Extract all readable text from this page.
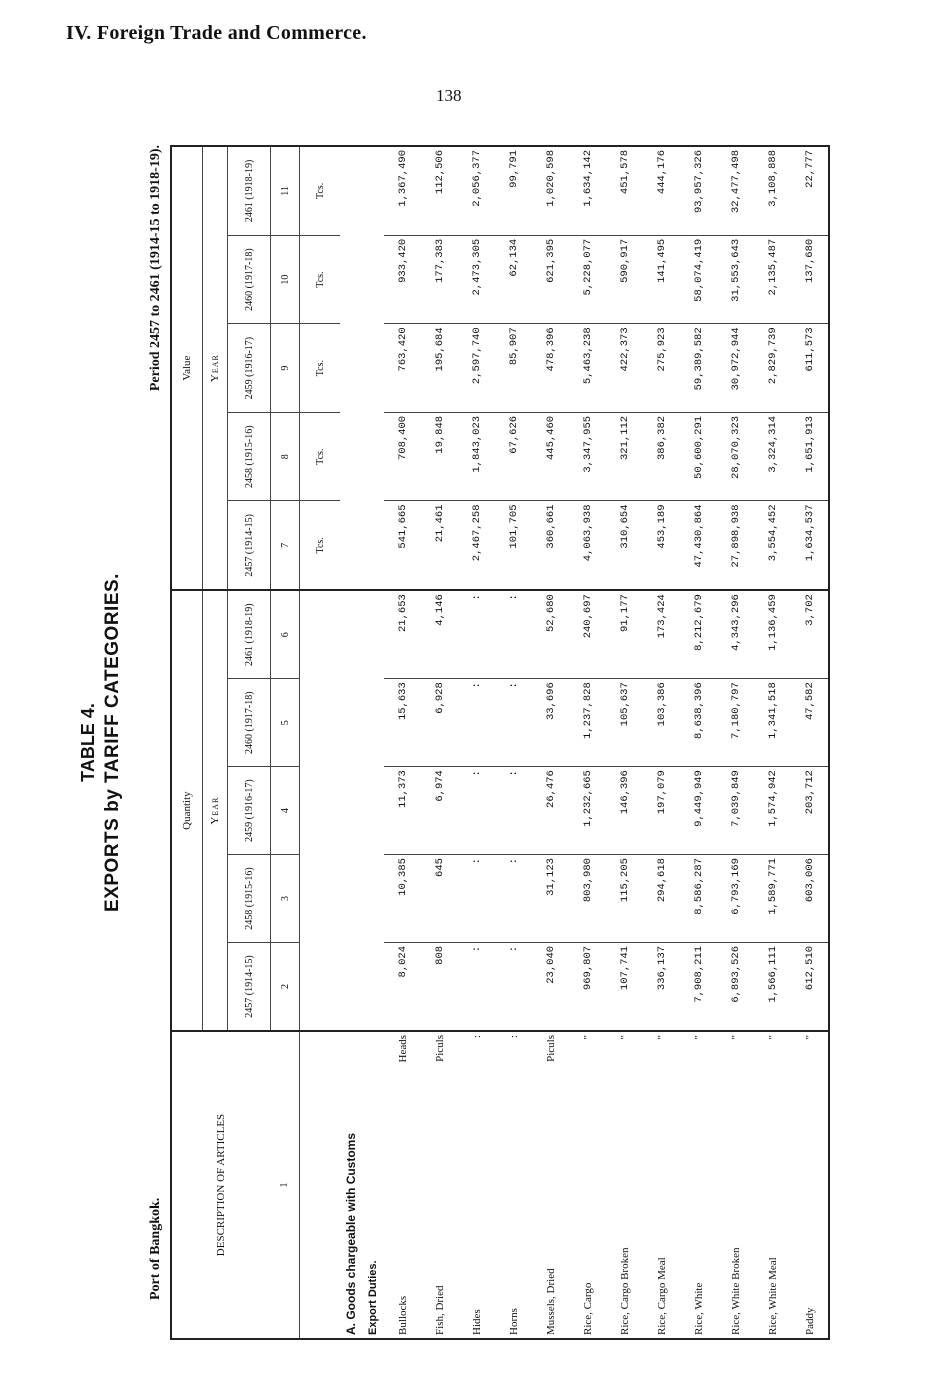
IV. Foreign Trade and Commerce.
138
TABLE 4. EXPORTS by TARIFF CATEGORIES.
Port of Bangkok.
Period 2457 to 2461 (1914-15 to 1918-19).
DESCRIPTION OF ARTICLES	Quantity					Value				
	Year					Year				
	2457 (1914-15)	2458 (1915-16)	2459 (1916-17)	2460 (1917-18)	2461 (1918-19)	2457 (1914-15)	2458 (1915-16)	2459 (1916-17)	2460 (1917-18)	2461 (1918-19)
1	2	3	4	5	6	7	8	9	10	11
						Tcs.	Tcs.	Tcs.	Tcs.	Tcs.
A. Goods chargeable with Customs										
Export Duties.										

Bullocks
Heads	8,024	10,385	11,373	15,633	21,653	541,665	708,400	763,420	933,420	1,367,490

Fish, Dried
Piculs	808	645	6,974	6,928	4,146	21,461	19,848	195,684	177,383	112,506

Hides
:	:	:	:	:	:	2,467,258	1,843,023	2,597,740	2,473,305	2,056,377

Horns
:	:	:	:	:	:	101,705	67,626	85,907	62,134	99,791

Mussels, Dried
Piculs	23,040	31,123	26,476	33,696	52,680	360,661	445,460	478,396	621,395	1,020,598

Rice, Cargo
"	969,807	803,980	1,232,665	1,237,828	240,697	4,063,938	3,347,955	5,463,238	5,228,077	1,634,142

Rice, Cargo Broken
"	107,741	115,205	146,396	105,637	91,177	310,654	321,112	422,373	590,917	451,578

Rice, Cargo Meal
"	336,137	294,618	197,079	103,386	173,424	453,189	386,382	275,923	141,495	444,176

Rice, White
"	7,908,211	8,586,287	9,449,949	8,638,396	8,212,679	47,430,864	50,600,291	59,389,582	58,074,419	93,957,326

Rice, White Broken
"	6,893,526	6,793,169	7,039,849	7,180,797	4,343,296	27,898,938	28,070,323	30,972,944	31,553,643	32,477,498

Rice, White Meal
"	1,566,111	1,589,771	1,574,942	1,341,518	1,136,459	3,554,452	3,324,314	2,829,739	2,135,487	3,108,888

Paddy
"	612,510	603,006	203,712	47,582	3,702	1,634,537	1,651,913	611,573	137,680	22,777
